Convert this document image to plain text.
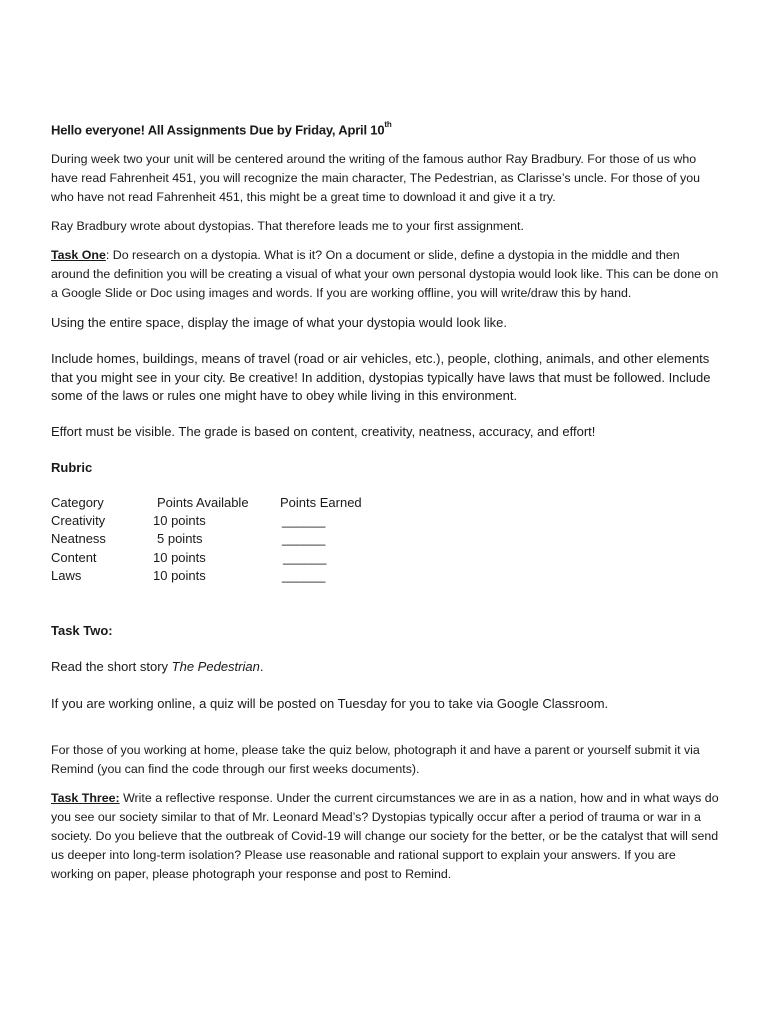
Hello everyone! All Assignments Due by Friday, April 10th
During week two your unit will be centered around the writing of the famous author Ray Bradbury. For those of us who have read Fahrenheit 451, you will recognize the main character, The Pedestrian, as Clarisse’s uncle. For those of you who have not read Fahrenheit 451, this might be a great time to download it and give it a try.
Ray Bradbury wrote about dystopias. That therefore leads me to your first assignment.
Task One: Do research on a dystopia. What is it? On a document or slide, define a dystopia in the middle and then around the definition you will be creating a visual of what your own personal dystopia would look like. This can be done on a Google Slide or Doc using images and words. If you are working offline, you will write/draw this by hand.
Using the entire space, display the image of what your dystopia would look like.
Include homes, buildings, means of travel (road or air vehicles, etc.), people, clothing, animals, and other elements that you might see in your city. Be creative! In addition, dystopias typically have laws that must be followed. Include some of the laws or rules one might have to obey while living in this environment.
Effort must be visible. The grade is based on content, creativity, neatness, accuracy, and effort!
Rubric
Category	Points Available	Points Earned
Creativity	10 points	______
Neatness	5 points	______
Content	10 points	______
Laws	10 points	______
Task Two:
Read the short story The Pedestrian.
If you are working online, a quiz will be posted on Tuesday for you to take via Google Classroom.
For those of you working at home, please take the quiz below, photograph it and have a parent or yourself submit it via Remind (you can find the code through our first weeks documents).
Task Three: Write a reflective response. Under the current circumstances we are in as a nation, how and in what ways do you see our society similar to that of Mr. Leonard Mead’s? Dystopias typically occur after a period of trauma or war in a society. Do you believe that the outbreak of Covid-19 will change our society for the better, or be the catalyst that will send us deeper into long-term isolation? Please use reasonable and rational support to explain your answers. If you are working on paper, please photograph your response and post to Remind.
